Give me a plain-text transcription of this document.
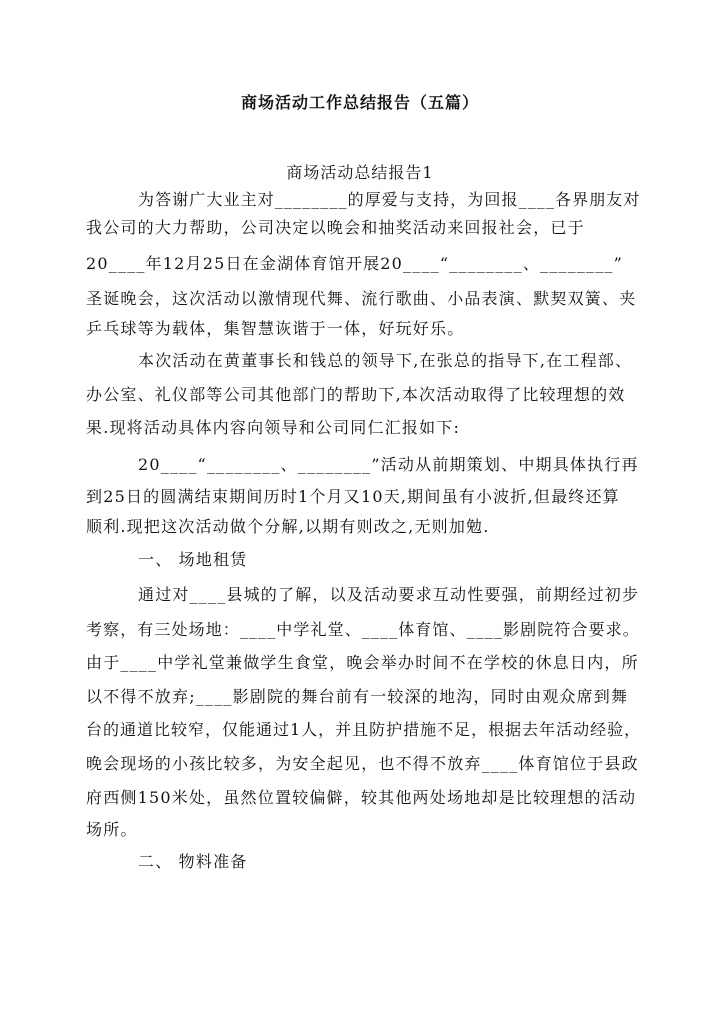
商场活动工作总结报告（五篇）
商场活动总结报告1
为答谢广大业主对________的厚爱与支持，为回报____各界朋友对
我公司的大力帮助，公司决定以晚会和抽奖活动来回报社会，已于
20____年12月25日在金湖体育馆开展20____“________、________”
圣诞晚会，这次活动以激情现代舞、流行歌曲、小品表演、默契双簧、夹
乒乓球等为载体，集智慧诙谐于一体，好玩好乐。
本次活动在黄董事长和钱总的领导下,在张总的指导下,在工程部、
办公室、礼仪部等公司其他部门的帮助下,本次活动取得了比较理想的效
果.现将活动具体内容向领导和公司同仁汇报如下:
20____“________、________”活动从前期策划、中期具体执行再
到25日的圆满结束期间历时1个月又10天,期间虽有小波折,但最终还算
顺利.现把这次活动做个分解,以期有则改之,无则加勉.
一、 场地租赁
通过对____县城的了解，以及活动要求互动性要强，前期经过初步
考察，有三处场地：____中学礼堂、____体育馆、____影剧院符合要求。
由于____中学礼堂兼做学生食堂，晚会举办时间不在学校的休息日内，所
以不得不放弃;____影剧院的舞台前有一较深的地沟，同时由观众席到舞
台的通道比较窄，仅能通过1人，并且防护措施不足，根据去年活动经验，
晚会现场的小孩比较多，为安全起见，也不得不放弃____体育馆位于县政
府西侧150米处，虽然位置较偏僻，较其他两处场地却是比较理想的活动
场所。
二、 物料准备
